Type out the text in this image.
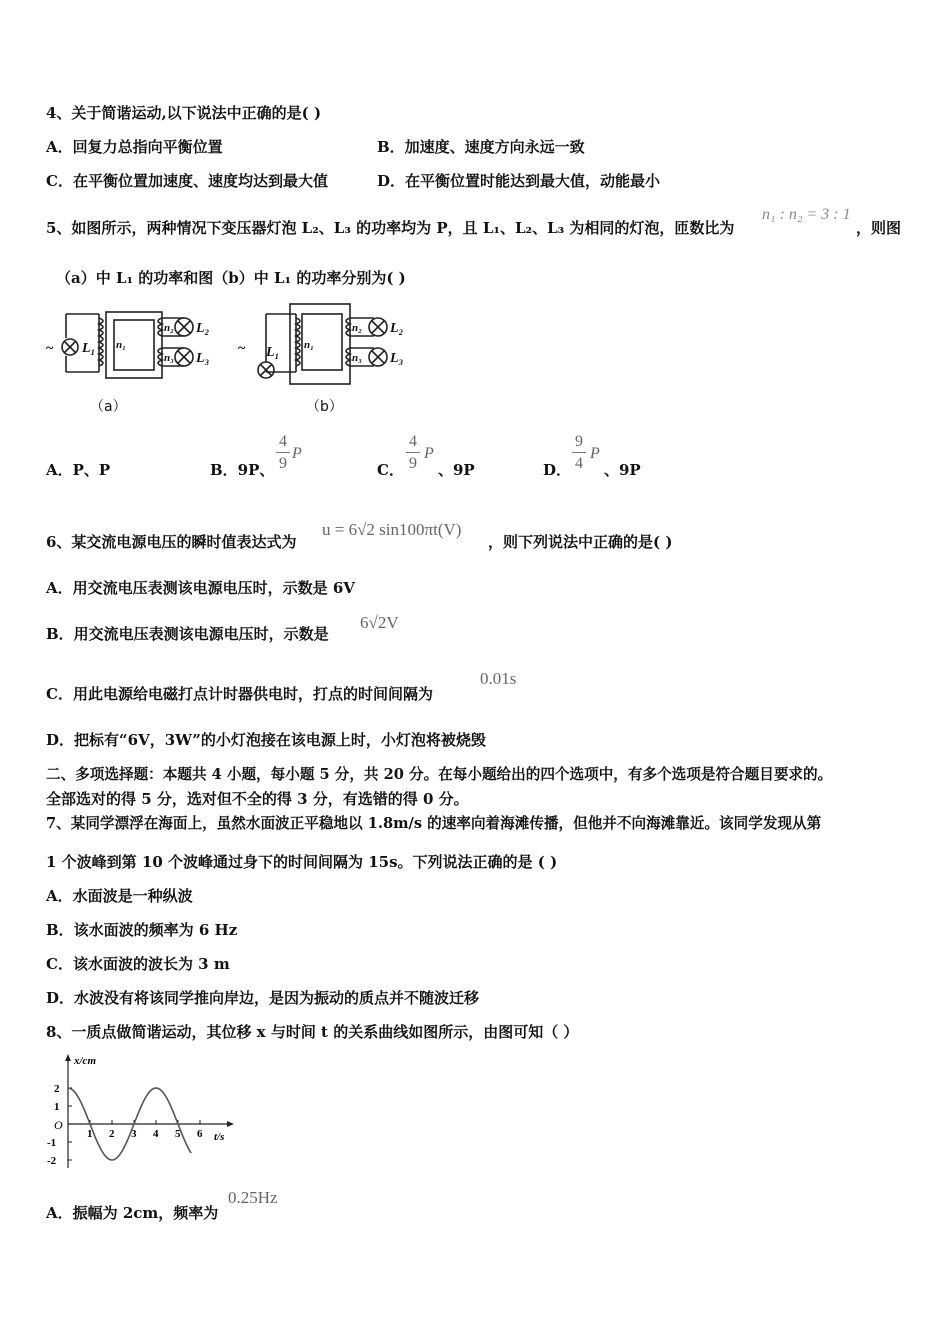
4、关于简谐运动,以下说法中正确的是( )
A．回复力总指向平衡位置	B．加速度、速度方向永远一致
C．在平衡位置加速度、速度均达到最大值	D．在平衡位置时能达到最大值，动能最小
5、如图所示，两种情况下变压器灯泡 L₂、L₃ 的功率均为 P，且 L₁、L₂、L₃ 为相同的灯泡，匝数比为
n₁ : n₂ = 3 : 1
，则图
（a）中 L₁ 的功率和图（b）中 L₁ 的功率分别为( )
~ L₁ n₁
n₂
n₃
L₂
L₃
~ L₁ n₁
n₂
n₃
L₂
L₃
（a）	（b）
A．P、P	B．9P、
4
9
P
C．
4
9
P
、9P	D．
9
4
P
、9P
6、某交流电源电压的瞬时值表达式为
u = 6√2 sin100πt(V)
，则下列说法中正确的是( )
A．用交流电压表测该电源电压时，示数是 6V
B．用交流电压表测该电源电压时，示数是
6√2V
C．用此电源给电磁打点计时器供电时，打点的时间间隔为
0.01s
D．把标有“6V，3W”的小灯泡接在该电源上时，小灯泡将被烧毁
二、多项选择题：本题共 4 小题，每小题 5 分，共 20 分。在每小题给出的四个选项中，有多个选项是符合题目要求的。
全部选对的得 5 分，选对但不全的得 3 分，有选错的得 0 分。
7、某同学漂浮在海面上，虽然水面波正平稳地以 1.8m/s 的速率向着海滩传播，但他并不向海滩靠近。该同学发现从第
1 个波峰到第 10 个波峰通过身下的时间间隔为 15s。下列说法正确的是 ( )
A．水面波是一种纵波
B．该水面波的频率为 6 Hz
C．该水面波的波长为 3 m
D．水波没有将该同学推向岸边，是因为振动的质点并不随波迁移
8、一质点做简谐运动，其位移 x 与时间 t 的关系曲线如图所示，由图可知（ ）
x/cm
t/s
O
1 2 3 4 5 6
2
1
-1
-2
A．振幅为 2cm，频率为
0.25Hz
